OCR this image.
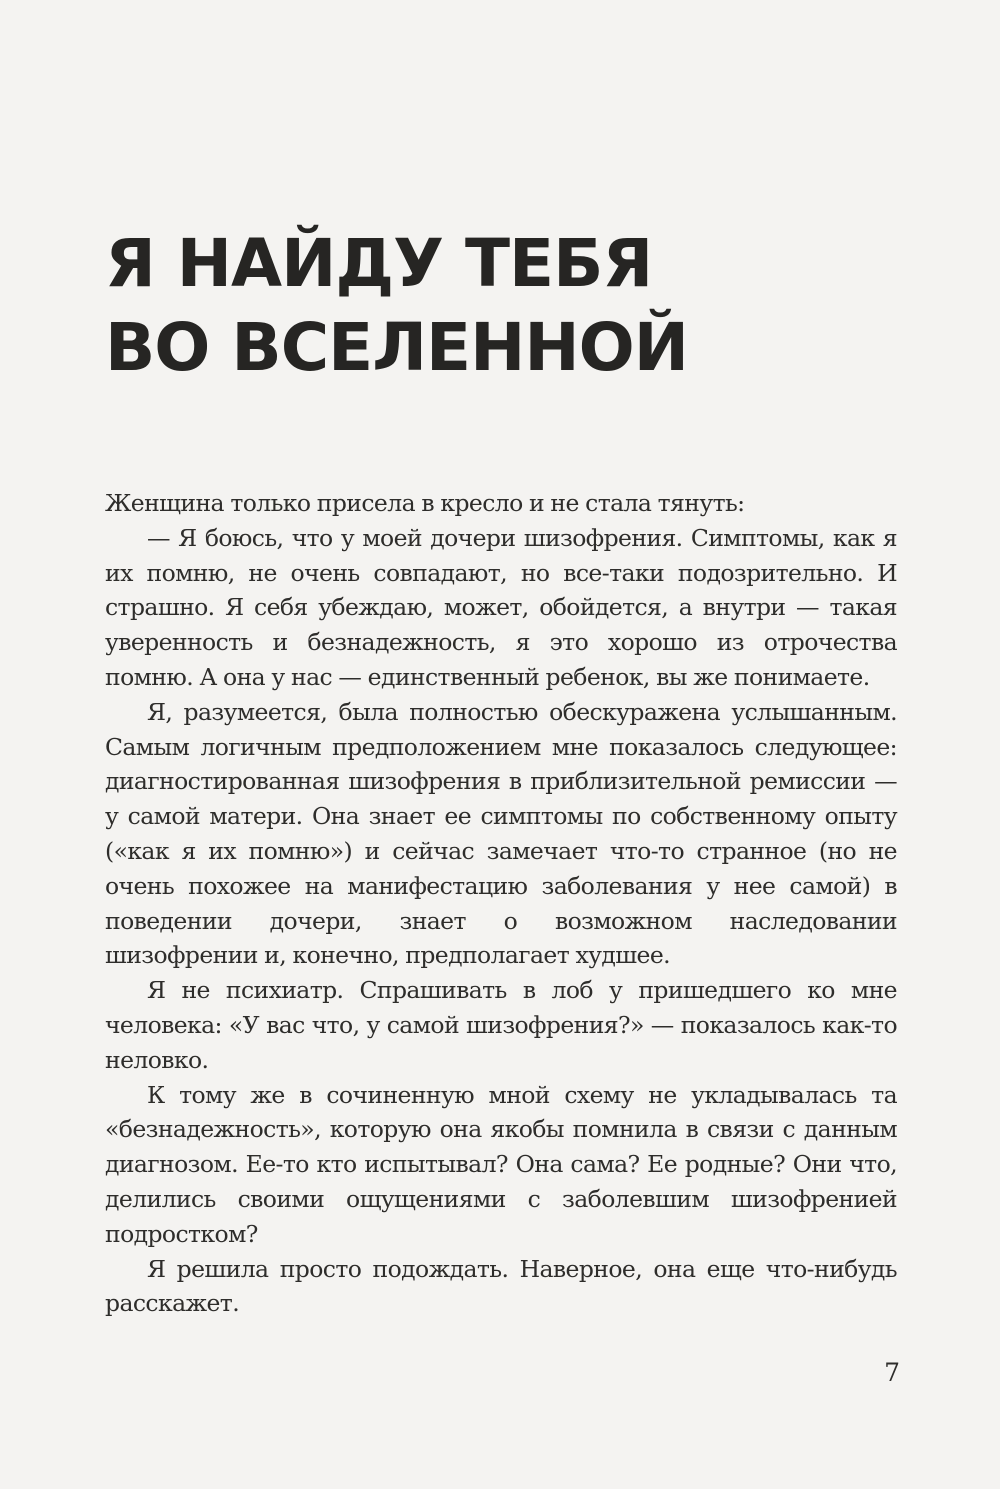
Я НАЙДУ ТЕБЯ
ВО ВСЕЛЕННОЙ

Женщина только присела в кресло и не стала тянуть:

— Я боюсь, что у моей дочери шизофрения. Симптомы, как я их помню, не очень совпадают, но все-таки подозрительно. И страшно. Я себя убеждаю, может, обойдется, а внутри — такая уверенность и безнадежность, я это хорошо из отрочества помню. А она у нас — единственный ребенок, вы же понимаете.

Я, разумеется, была полностью обескуражена услышанным. Самым логичным предположением мне показалось следующее: диагностированная шизофрения в приблизительной ремиссии — у самой матери. Она знает ее симптомы по собственному опыту («как я их помню») и сейчас замечает что-то странное (но не очень похожее на манифестацию заболевания у нее самой) в поведении дочери, знает о возможном наследовании шизофрении и, конечно, предполагает худшее.

Я не психиатр. Спрашивать в лоб у пришедшего ко мне человека: «У вас что, у самой шизофрения?» — показалось как-то неловко.

К тому же в сочиненную мной схему не укладывалась та «безнадежность», которую она якобы помнила в связи с данным диагнозом. Ее-то кто испытывал? Она сама? Ее родные? Они что, делились своими ощущениями с заболевшим шизофренией подростком?

Я решила просто подождать. Наверное, она еще что-нибудь расскажет.

7
